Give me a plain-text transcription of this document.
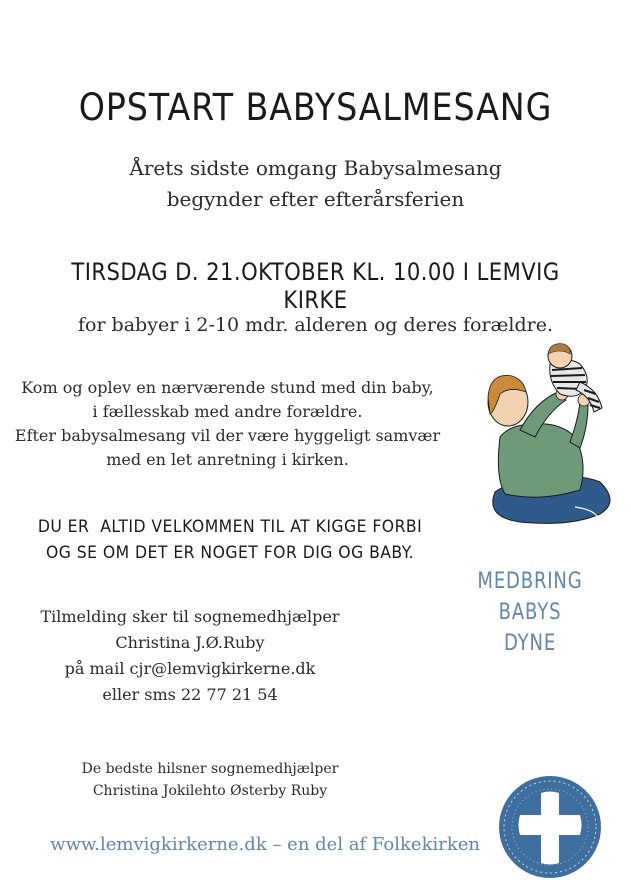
OPSTART BABYSALMESANG
Årets sidste omgang Babysalmesang
begynder efter efterårsferien
TIRSDAG D. 21.OKTOBER KL. 10.00 I LEMVIG KIRKE
for babyer i 2-10 mdr. alderen og deres forældre.
Kom og oplev en nærværende stund med din baby,
i fællesskab med andre forældre.
Efter babysalmesang vil der være hyggeligt samvær
med en let anretning i kirken.
DU ER  ALTID VELKOMMEN TIL AT KIGGE FORBI
OG SE OM DET ER NOGET FOR DIG OG BABY.
MEDBRING
BABYS
DYNE
Tilmelding sker til sognemedhjælper
Christina J.Ø.Ruby
på mail cjr@lemvigkirkerne.dk
eller sms 22 77 21 54
De bedste hilsner sognemedhjælper
Christina Jokilehto Østerby Ruby
www.lemvigkirkerne.dk – en del af Folkekirken
